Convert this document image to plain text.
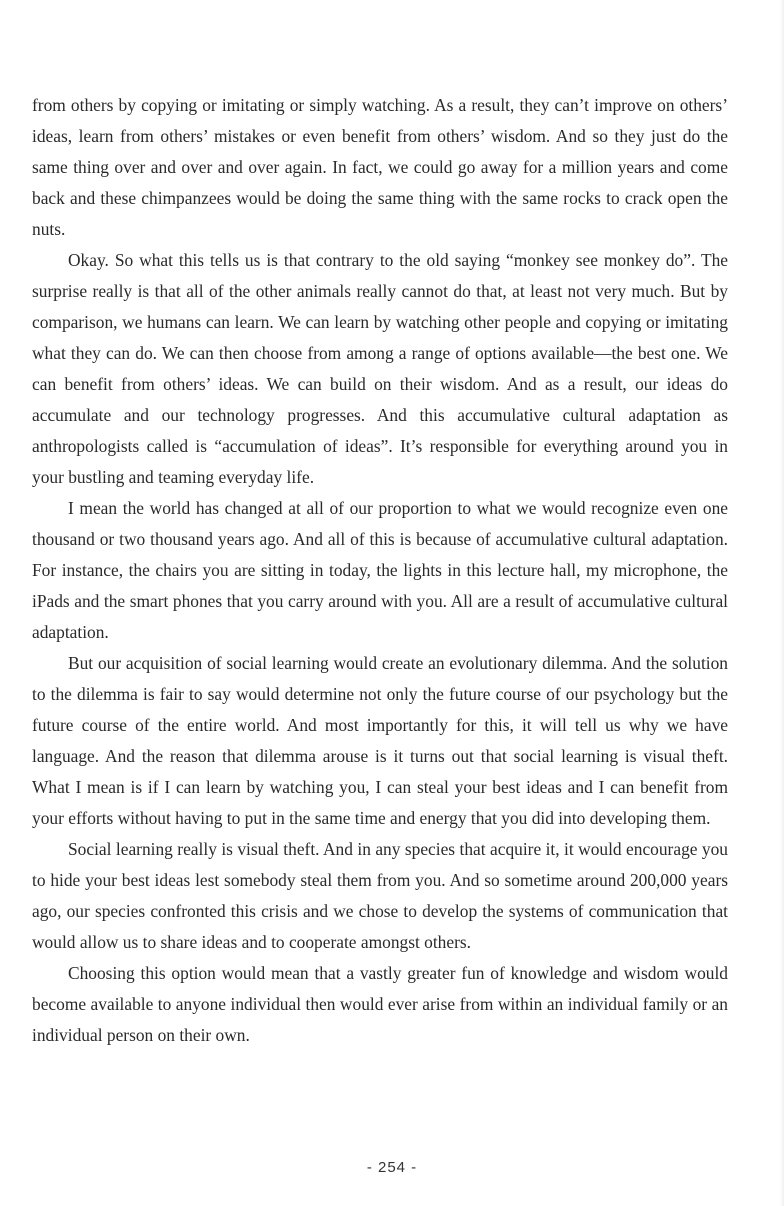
from others by copying or imitating or simply watching. As a result, they can’t improve on others’ ideas, learn from others’ mistakes or even benefit from others’ wisdom. And so they just do the same thing over and over and over again. In fact, we could go away for a million years and come back and these chimpanzees would be doing the same thing with the same rocks to crack open the nuts.

Okay. So what this tells us is that contrary to the old saying “monkey see monkey do”. The surprise really is that all of the other animals really cannot do that, at least not very much. But by comparison, we humans can learn. We can learn by watching other people and copying or imitating what they can do. We can then choose from among a range of options available—the best one. We can benefit from others’ ideas. We can build on their wisdom. And as a result, our ideas do accumulate and our technology progresses. And this accumulative cultural adaptation as anthropologists called is “accumulation of ideas”. It’s responsible for everything around you in your bustling and teaming everyday life.

I mean the world has changed at all of our proportion to what we would recognize even one thousand or two thousand years ago. And all of this is because of accumulative cultural adaptation. For instance, the chairs you are sitting in today, the lights in this lecture hall, my microphone, the iPads and the smart phones that you carry around with you. All are a result of accumulative cultural adaptation.

But our acquisition of social learning would create an evolutionary dilemma. And the solution to the dilemma is fair to say would determine not only the future course of our psychology but the future course of the entire world. And most importantly for this, it will tell us why we have language. And the reason that dilemma arouse is it turns out that social learning is visual theft. What I mean is if I can learn by watching you, I can steal your best ideas and I can benefit from your efforts without having to put in the same time and energy that you did into developing them.

Social learning really is visual theft. And in any species that acquire it, it would encourage you to hide your best ideas lest somebody steal them from you. And so sometime around 200,000 years ago, our species confronted this crisis and we chose to develop the systems of communication that would allow us to share ideas and to cooperate amongst others.

Choosing this option would mean that a vastly greater fun of knowledge and wisdom would become available to anyone individual then would ever arise from within an individual family or an individual person on their own.

- 254 -
